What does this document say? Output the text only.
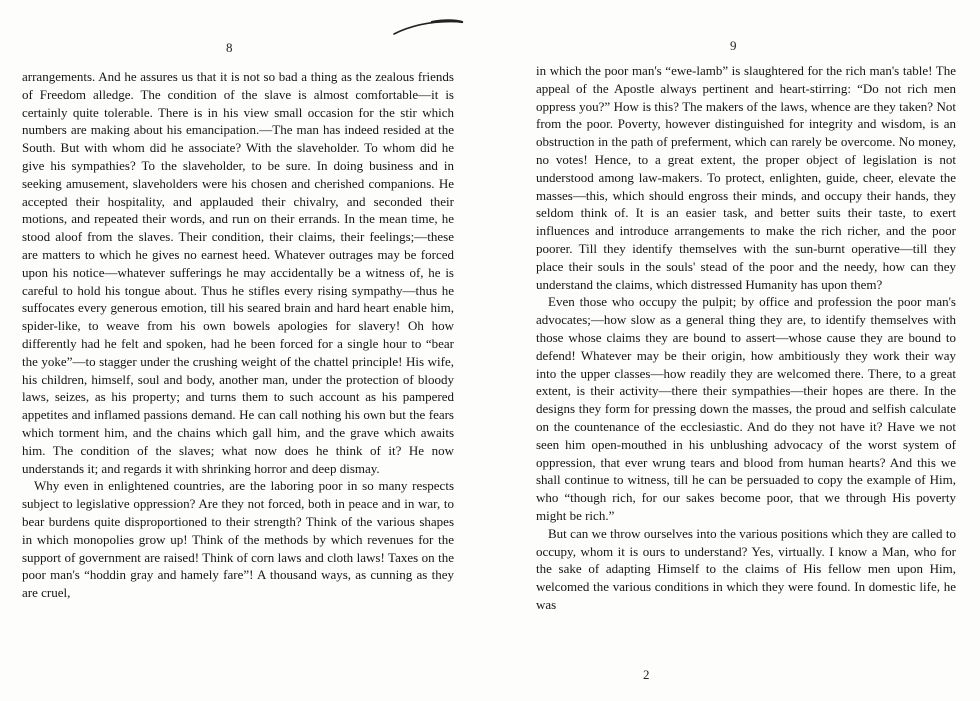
8

arrangements. And he assures us that it is not so bad a thing as the zealous friends of Freedom alledge. The condition of the slave is almost comfortable—it is certainly quite tolerable. There is in his view small occasion for the stir which numbers are making about his emancipation.—The man has indeed resided at the South. But with whom did he associate? With the slaveholder. To whom did he give his sympathies? To the slaveholder, to be sure. In doing business and in seeking amusement, slaveholders were his chosen and cherished companions. He accepted their hospitality, and applauded their chivalry, and seconded their motions, and repeated their words, and run on their errands. In the mean time, he stood aloof from the slaves. Their condition, their claims, their feelings;—these are matters to which he gives no earnest heed. Whatever outrages may be forced upon his notice—whatever sufferings he may accidentally be a witness of, he is careful to hold his tongue about. Thus he stifles every rising sympathy—thus he suffocates every generous emotion, till his seared brain and hard heart enable him, spider-like, to weave from his own bowels apologies for slavery! Oh how differently had he felt and spoken, had he been forced for a single hour to “bear the yoke”—to stagger under the crushing weight of the chattel principle! His wife, his children, himself, soul and body, another man, under the protection of bloody laws, seizes, as his property; and turns them to such account as his pampered appetites and inflamed passions demand. He can call nothing his own but the fears which torment him, and the chains which gall him, and the grave which awaits him. The condition of the slaves; what now does he think of it? He now understands it; and regards it with shrinking horror and deep dismay.

Why even in enlightened countries, are the laboring poor in so many respects subject to legislative oppression? Are they not forced, both in peace and in war, to bear burdens quite disproportioned to their strength? Think of the various shapes in which monopolies grow up! Think of the methods by which revenues for the support of government are raised! Think of corn laws and cloth laws! Taxes on the poor man's “hoddin gray and hamely fare”! A thousand ways, as cunning as they are cruel,

9

in which the poor man's “ewe-lamb” is slaughtered for the rich man's table! The appeal of the Apostle always pertinent and heart-stirring: “Do not rich men oppress you?” How is this? The makers of the laws, whence are they taken? Not from the poor. Poverty, however distinguished for integrity and wisdom, is an obstruction in the path of preferment, which can rarely be overcome. No money, no votes! Hence, to a great extent, the proper object of legislation is not understood among law-makers. To protect, enlighten, guide, cheer, elevate the masses—this, which should engross their minds, and occupy their hands, they seldom think of. It is an easier task, and better suits their taste, to exert influences and introduce arrangements to make the rich richer, and the poor poorer. Till they identify themselves with the sun-burnt operative—till they place their souls in the souls' stead of the poor and the needy, how can they understand the claims, which distressed Humanity has upon them?

Even those who occupy the pulpit; by office and profession the poor man's advocates;—how slow as a general thing they are, to identify themselves with those whose claims they are bound to assert—whose cause they are bound to defend! Whatever may be their origin, how ambitiously they work their way into the upper classes—how readily they are welcomed there. There, to a great extent, is their activity—there their sympathies—their hopes are there. In the designs they form for pressing down the masses, the proud and selfish calculate on the countenance of the ecclesiastic. And do they not have it? Have we not seen him open-mouthed in his unblushing advocacy of the worst system of oppression, that ever wrung tears and blood from human hearts? And this we shall continue to witness, till he can be persuaded to copy the example of Him, who “though rich, for our sakes become poor, that we through His poverty might be rich.”

But can we throw ourselves into the various positions which they are called to occupy, whom it is ours to understand? Yes, virtually. I know a Man, who for the sake of adapting Himself to the claims of His fellow men upon Him, welcomed the various conditions in which they were found. In domestic life, he was

2
